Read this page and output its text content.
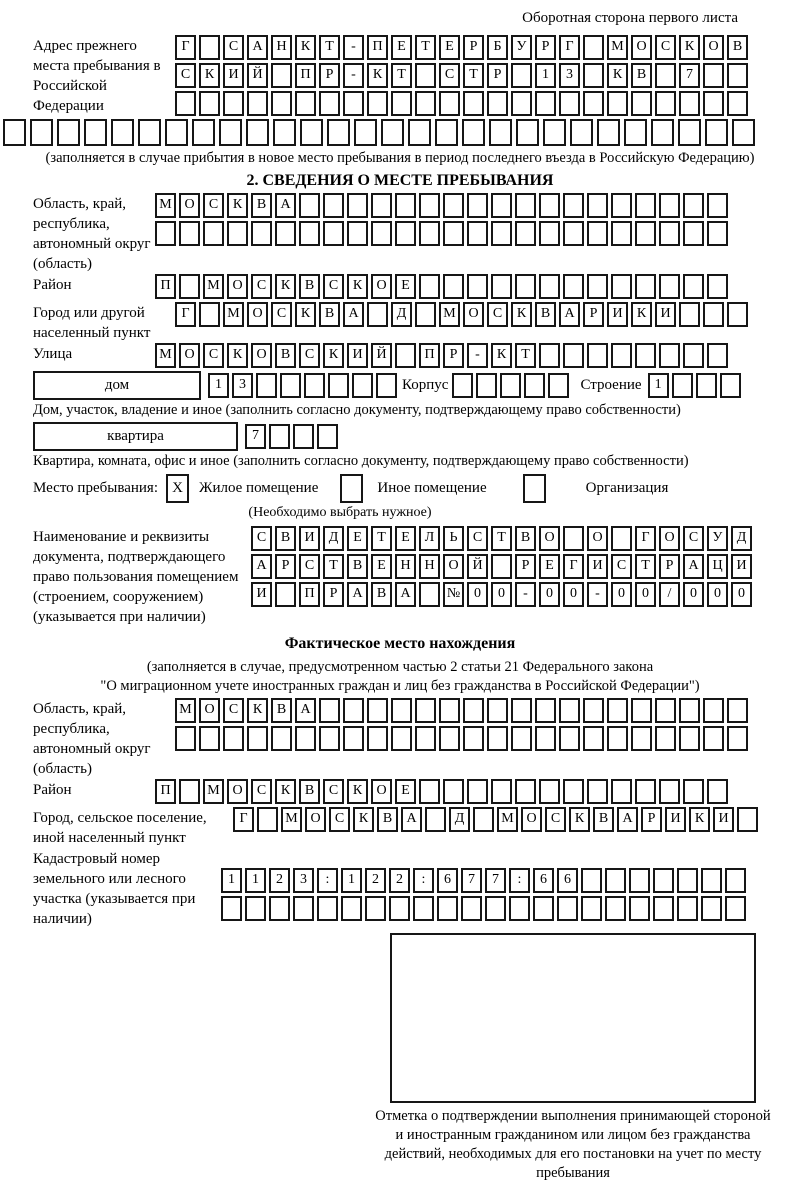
Оборотная сторона первого листа
Адрес прежнего места пребывания в Российской Федерации
Г	С А Н К Т - П Е Т Е Р Б У Р Г	М О С К О В
С К И Й	П Р - К Т	С Т Р	1 3	К В	7
(заполняется в случае прибытия в новое место пребывания в период последнего въезда в Российскую Федерацию)
2. СВЕДЕНИЯ О МЕСТЕ ПРЕБЫВАНИЯ
Область, край, республика, автономный округ (область)
М О С К В А
Район	П	М О С К В С К О Е
Город или другой населенный пункт
Г	М О С К В А	Д	М О С К В А Р И К И
Улица	М О С К О В С К И Й	П Р - К Т
дом	1 3	Корпус	Строение 1
Дом, участок, владение и иное (заполнить согласно документу, подтверждающему право собственности)
квартира	7
Квартира, комната, офис и иное (заполнить согласно документу, подтверждающему право собственности)
Место пребывания: X	Жилое помещение	Иное помещение	Организация
(Необходимо выбрать нужное)
Наименование и реквизиты документа, подтверждающего право пользования помещением (строением, сооружением) (указывается при наличии)
С В И Д Е Т Е Л Ь С Т В О	О	Г О С У Д
А Р С Т В Е Н Н О Й	Р Е Г И С Т Р А Ц И
И	П Р А В А	№ 0 0 - 0 0 - 0 0 / 0 0 0
Фактическое место нахождения
(заполняется в случае, предусмотренном частью 2 статьи 21 Федерального закона
"О миграционном учете иностранных граждан и лиц без гражданства в Российской Федерации")
Область, край, республика, автономный округ (область)
М О С К В А
Район	П	М О С К В С К О Е
Город, сельское поселение, иной населенный пункт
Г	М О С К В А	Д	М О С К В А Р И К И
Кадастровый номер земельного или лесного участка (указывается при наличии)
1 1 2 3 : 1 2 2 : 6 7 7 : 6 6
Отметка о подтверждении выполнения принимающей стороной и иностранным гражданином или лицом без гражданства действий, необходимых для его постановки на учет по месту пребывания
